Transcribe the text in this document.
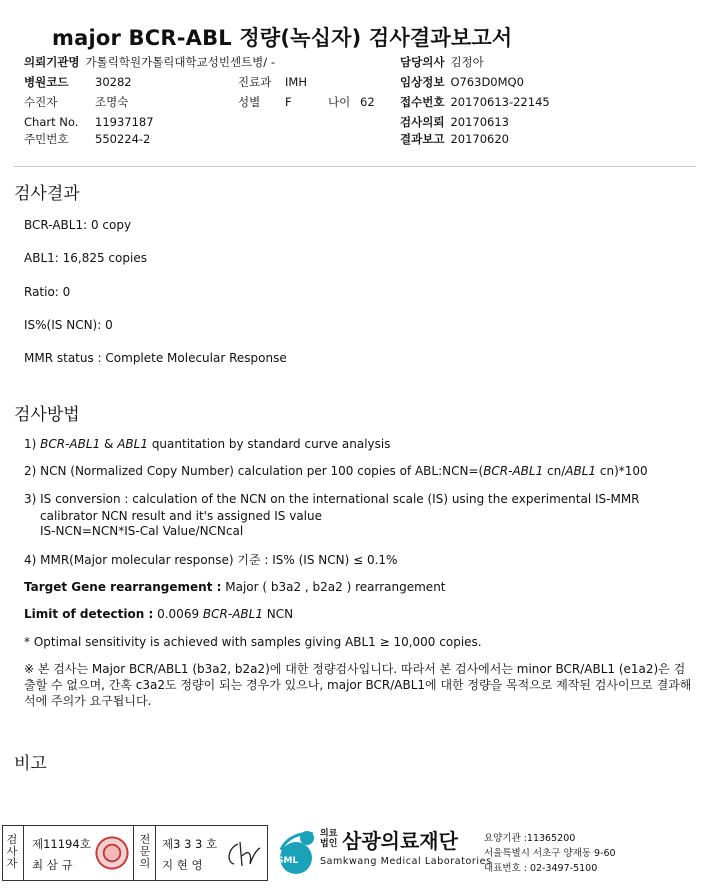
major BCR-ABL 정량(녹십자) 검사결과보고서
의뢰기관명 가톨릭학원가톨릭대학교성빈센트병/ -	담당의사 김정아
병원코드 30282	진료과 IMH	임상정보 O763D0MQ0
수진자	조명숙	성별 F	나이 62 접수번호 20170613-22145
Chart No. 11937187	검사의뢰 20170613
주민번호 550224-2	결과보고 20170620
검사결과
BCR-ABL1: 0 copy
ABL1: 16,825 copies
Ratio: 0
IS%(IS NCN): 0
MMR status : Complete Molecular Response
검사방법
1) BCR-ABL1 & ABL1 quantitation by standard curve analysis
2) NCN (Normalized Copy Number) calculation per 100 copies of ABL:NCN=(BCR-ABL1 cn/ABL1 cn)*100
3) IS conversion : calculation of the NCN on the international scale (IS) using the experimental IS-MMR
calibrator NCN result and it's assigned IS value
IS-NCN=NCN*IS-Cal Value/NCNcal
4) MMR(Major molecular response) 기준 : IS% (IS NCN) ≤ 0.1%
Target Gene rearrangement : Major ( b3a2 , b2a2 ) rearrangement
Limit of detection : 0.0069 BCR-ABL1 NCN
* Optimal sensitivity is achieved with samples giving ABL1 ≥ 10,000 copies.
※ 본 검사는 Major BCR/ABL1 (b3a2, b2a2)에 대한 정량검사입니다. 따라서 본 검사에서는 minor BCR/ABL1 (e1a2)은 검출할 수 없으며, 간혹 c3a2도 정량이 되는 경우가 있으나, major BCR/ABL1에 대한 정량을 목적으로 제작된 검사이므로 결과해석에 주의가 요구됩니다.
비고
검사자
제11194호
최 삼 규
전문의
제3 3 3 호
지 현 영	SML
의료
법인 삼광의료재단
Samkwang Medical Laboratories
요양기관 :11365200
서울특별시 서초구 양재동 9-60
대표번호 : 02-3497-5100
